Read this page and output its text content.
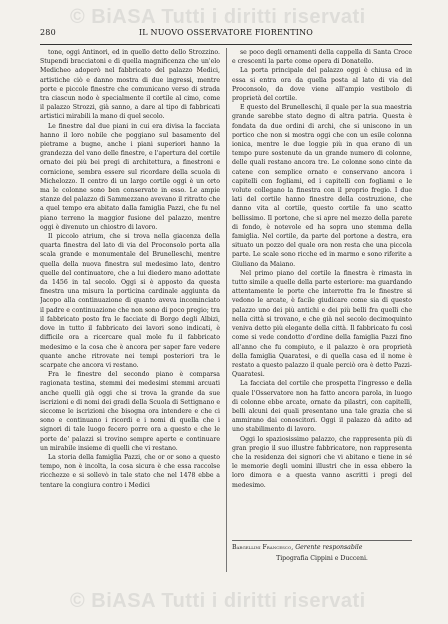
© BiASA Tutti i diritti riservati
280	IL NUOVO OSSERVATORE FIORENTINO

tone, oggi Antinori, ed in quello detto dello Strozzino. Stupendi bracciatoni e di quella magnificenza che un'elo Medicheo adoperò nel fabbricato del palazzo Medici, artistiche ciò e danno mostra di due ingressi, mentre porte e piccole finestre che comunicano verso di strada tra ciascun nodo è specialmente il cortile al cimo, come il palazzo Strozzi, già sanno, a dare al tipo di fabbricati artistici mirabili la mano di quel secolo.

Le finestre dal due piani in cui era divisa la facciata hanno il loro nobile che poggiano sul basamento del pietrame a bugne, anche i piani superiori hanno la grandezza del vano delle finestre, e l'apertura del cortile ornato dei più bei pregi di architettura, a finestroni e cornicione, sembra essere sul ricordare della scuola di Michelozzo. Il centro di un largo cortile oggi è un orto ma le colonne sono ben conservate in esso. Le ampie stanze del palazzo di Sammezzano avevano il ritratto che a quel tempo era abitato dalla famiglia Pazzi, che fu nel piano terreno la maggior fusione del palazzo, mentre oggi è divenuto un chiostro di lavoro.

Il piccolo atrium, che si trova nella giacenza della quarta finestra del lato di via del Proconsolo porta alla scala grande e monumentale del Brunelleschi, mentre quella della nuova finestra sul medesimo lato, dentro quelle del continuatore, che a lui diedero mano adottate da 1456 in tal secolo. Oggi si è apposto da questa finestra una misura la porticina cardinale aggiunta da Jacopo alla continuazione di quanto aveva incominciato il padre e continuazione che non sono di poco pregio; tra il fabbricato posto fra le facciate di Borgo degli Albizi, dove in tutto il fabbricato dei lavori sono indicati, è difficile ora a ricercare qual mole fu il fabbricato medesimo e la cosa che è ancora per saper fare vedere quante anche ritrovate nei tempi posteriori tra le scarpate che ancora vi restano.

Fra le finestre del secondo piano è comparsa ragionata testina, stemmi dei medesimi stemmi arcuati anche quelli già oggi che si trova la grande da sue iscrizioni e di nomi dei gradi della Scuola di Settignano e siccome le iscrizioni che bisogna ora intendere e che ci sono e continuano i ricordi e i nomi di quella che i signori di tale luogo fecero porre ora a questo e che le porte de' palazzi si trovino sempre aperte e continuare un mirabile insieme di quelli che vi restano.

La storia della famiglia Pazzi, che or or sono a questo tempo, non è incolta, la cosa sicura è che essa raccolse ricchezze e si sollevò in tale stato che nel 1478 ebbe a tentare la congiura contro i Medici

se poco degli ornamenti della cappella di Santa Croce e crescenti la parte come opera di Donatello.

La porta principale del palazzo oggi è chiusa ed in essa si entra ora da quella posta al lato di via del Proconsolo, da dove viene all'ampio vestibolo di proprietà del cortile.

E questo del Brunelleschi, il quale per la sua maestria grande sarebbe stato degno di altra patria. Questa è fondata da due ordini di archi, che si uniscono in un portico che non si mostra oggi che con un esile colonna ionica, mentre le due loggie più in qua erano di un tempo pure sostenute da un grande numero di colonne, delle quali restano ancora tre. Le colonne sono cinte da catene con semplice ornato e conservano ancora i capitelli con fogliami, ed i capitelli con fogliami e le volute collegano la finestra con il proprio fregio. I due lati del cortile hanno finestre della costruzione, che danno vita al cortile, questo cortile fa uno scatto bellissimo. Il portone, che si apre nel mezzo della parete di fondo, è notevole ed ha sopra uno stemma della famiglia. Nel cortile, da parte del portone a destra, era situato un pozzo del quale ora non resta che una piccola parte. Le scale sono ricche ed in marmo e sono riferite a Giuliano da Maiano.

Nel primo piano del cortile la finestra è rimasta in tutto simile a quelle della parte esteriore: ma guardando attentamente le porte che interrotte fra le finestre si vedono le arcate, è facile giudicare come sia di questo palazzo uno dei più antichi e dei più belli fra quelli che nella città si trovano, e che già nel secolo decimoquinto veniva detto più elegante della città. Il fabbricato fu così come si vede condotto d'ordine della famiglia Pazzi fino all'anno che fu compiuto, e il palazzo è ora proprietà della famiglia Quaratesi, e di quella casa ed il nome è restato a questo palazzo il quale perciò ora è detto Pazzi-Quaratesi.

La facciata del cortile che prospetta l'ingresso e della quale l'Osservatore non ha fatto ancora parola, in luogo di colonne ebbe arcate, ornate da pilastri, con capitelli, belli alcuni dei quali presentano una tale grazia che si ammirano dai conoscitori. Oggi il palazzo dà adito ad uno stabilimento di lavoro.

Oggi lo spaziosissimo palazzo, che rappresenta più di gran pregio il suo illustre fabbricatore, non rappresenta che la residenza dei signori che vi abitano e tiene in sé le memorie degli uomini illustri che in essa ebbero la loro dimora e a questa vanno ascritti i pregi del medesimo.

Bargellini Francesco, Gerente responsabile
Tipografia Cippini e Ducceni.
© BiASA Tutti i diritti riservati
